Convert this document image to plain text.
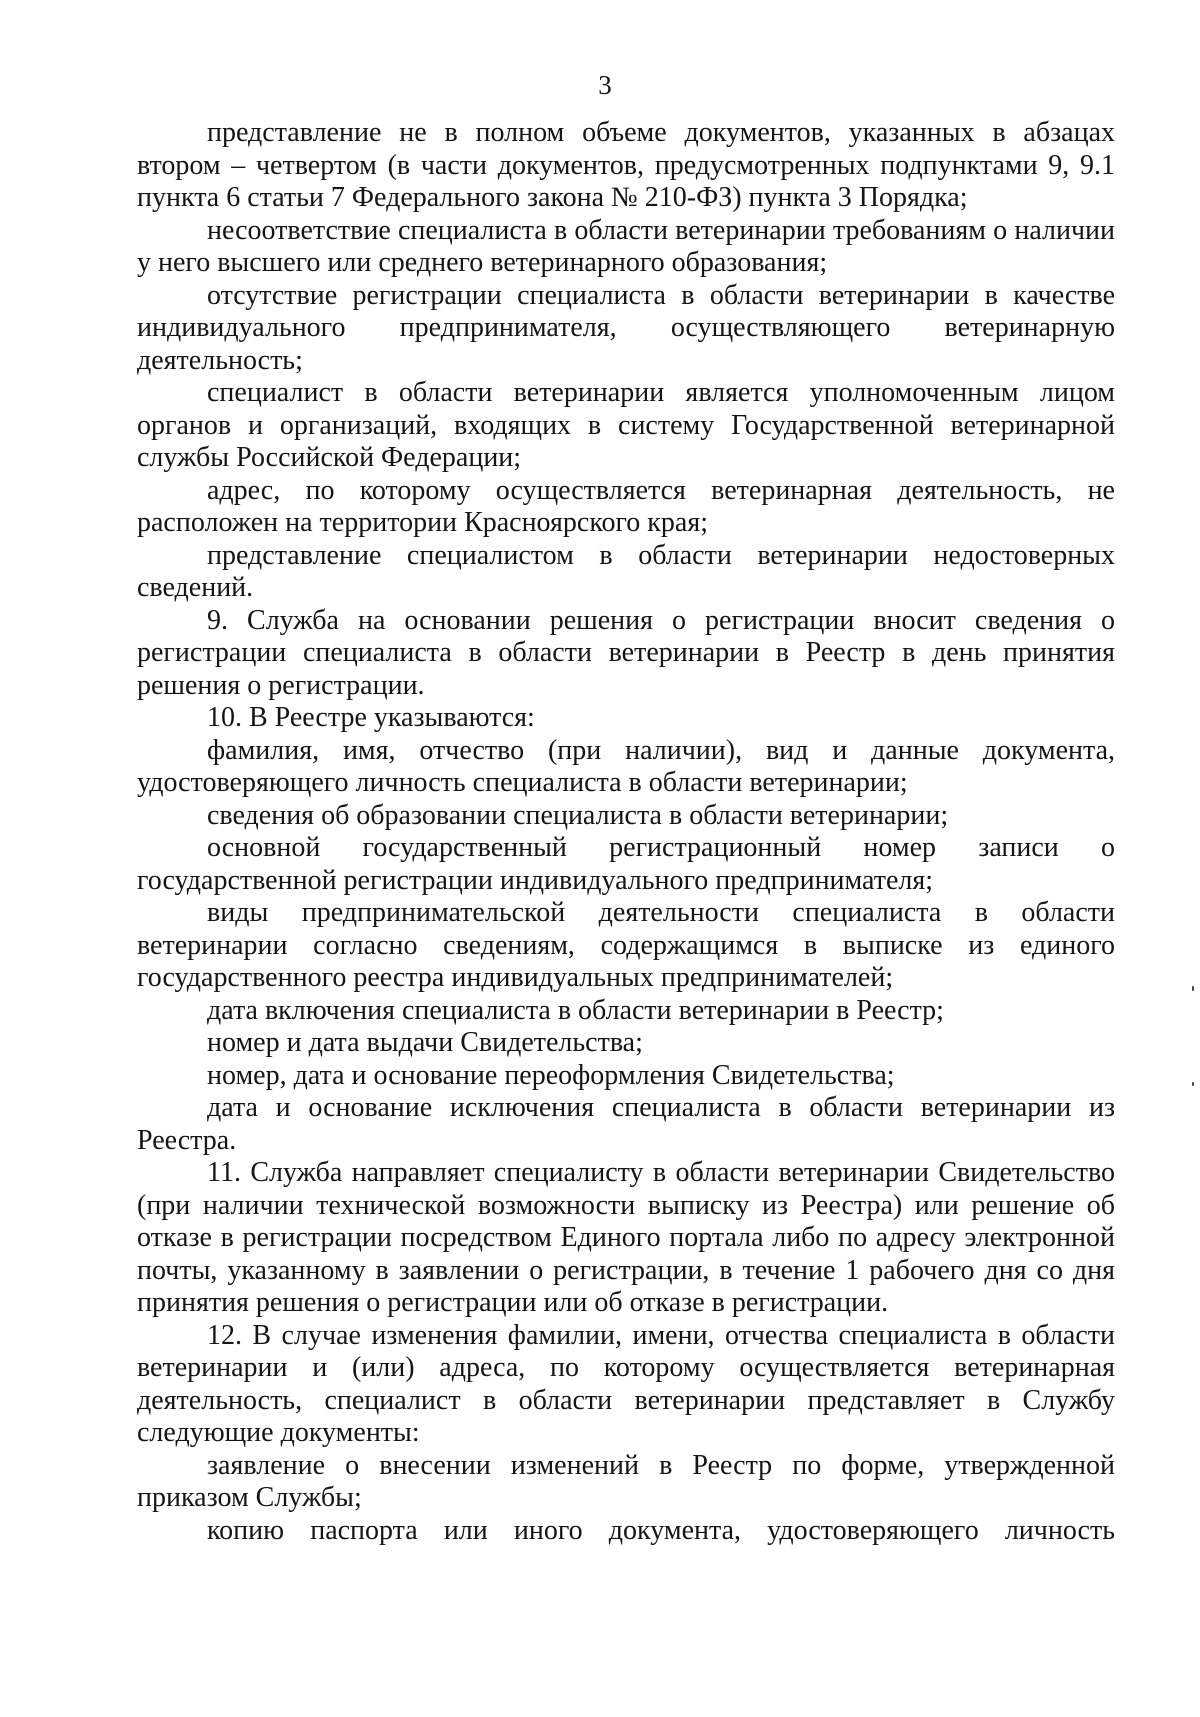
3

представление не в полном объеме документов, указанных в абзацах втором – четвертом (в части документов, предусмотренных подпунктами 9, 9.1 пункта 6 статьи 7 Федерального закона № 210-ФЗ) пункта 3 Порядка;

несоответствие специалиста в области ветеринарии требованиям о наличии у него высшего или среднего ветеринарного образования;

отсутствие регистрации специалиста в области ветеринарии в качестве индивидуального предпринимателя, осуществляющего ветеринарную деятельность;

специалист в области ветеринарии является уполномоченным лицом органов и организаций, входящих в систему Государственной ветеринарной службы Российской Федерации;

адрес, по которому осуществляется ветеринарная деятельность, не расположен на территории Красноярского края;

представление специалистом в области ветеринарии недостоверных сведений.

9. Служба на основании решения о регистрации вносит сведения о регистрации специалиста в области ветеринарии в Реестр в день принятия решения о регистрации.

10. В Реестре указываются:

фамилия, имя, отчество (при наличии), вид и данные документа, удостоверяющего личность специалиста в области ветеринарии;

сведения об образовании специалиста в области ветеринарии;

основной государственный регистрационный номер записи о государственной регистрации индивидуального предпринимателя;

виды предпринимательской деятельности специалиста в области ветеринарии согласно сведениям, содержащимся в выписке из единого государственного реестра индивидуальных предпринимателей;

дата включения специалиста в области ветеринарии в Реестр;

номер и дата выдачи Свидетельства;

номер, дата и основание переоформления Свидетельства;

дата и основание исключения специалиста в области ветеринарии из Реестра.

11. Служба направляет специалисту в области ветеринарии Свидетельство (при наличии технической возможности выписку из Реестра) или решение об отказе в регистрации посредством Единого портала либо по адресу электронной почты, указанному в заявлении о регистрации, в течение 1 рабочего дня со дня принятия решения о регистрации или об отказе в регистрации.

12. В случае изменения фамилии, имени, отчества специалиста в области ветеринарии и (или) адреса, по которому осуществляется ветеринарная деятельность, специалист в области ветеринарии представляет в Службу следующие документы:

заявление о внесении изменений в Реестр по форме, утвержденной приказом Службы;

копию паспорта или иного документа, удостоверяющего личность
